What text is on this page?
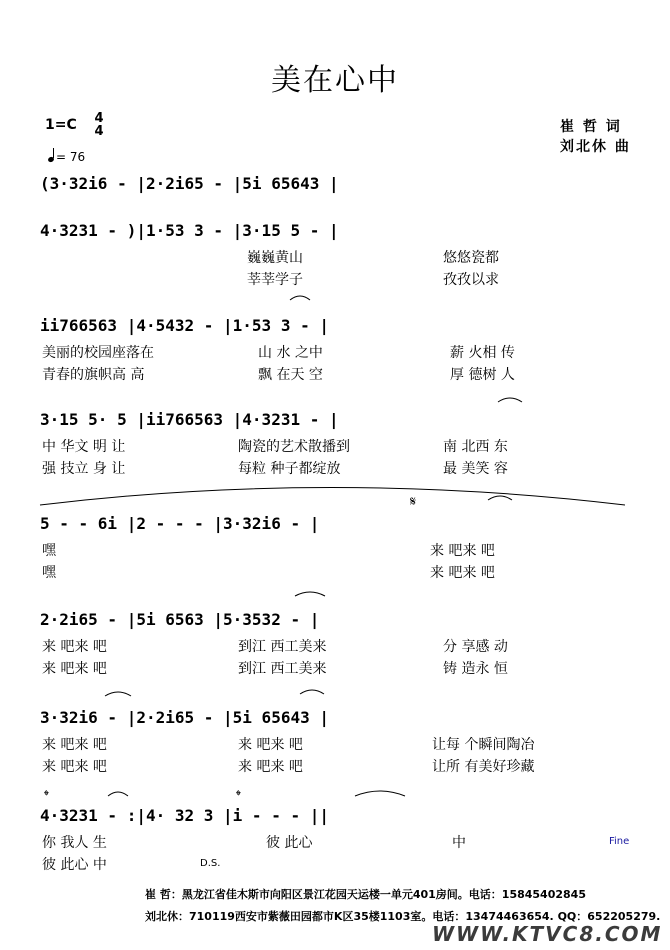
美在心中
1=C 4
4
= 76
崔 哲 词
刘北休 曲
(3·32i6 - |2·2i65 - |5i 65643 |
4·3231 - )|1·53 3 - |3·15 5 - |
巍巍黄山	悠悠瓷都
莘莘学子	孜孜以求
ii766563 |4·5432 - |1·53 3 - |
美丽的校园座落在	山 水 之中	薪 火相 传
青春的旗帜高 高	飘 在天 空	厚 德树 人
3·15 5· 5 |ii766563 |4·3231 - |
中 华文 明 让	陶瓷的艺术散播到	南 北西 东
强 技立 身 让	每粒 种子都绽放	最 美笑 容
𝄋
5 - - 6i |2 - - - |3·32i6 - |
嘿	来 吧来 吧
嘿	来 吧来 吧
2·2i65 - |5i 6563 |5·3532 - |
来 吧来 吧	到江 西工美来	分 享感 动
来 吧来 吧	到江 西工美来	铸 造永 恒
3·32i6 - |2·2i65 - |5i 65643 |
来 吧来 吧	来 吧来 吧	让每 个瞬间陶冶
来 吧来 吧	来 吧来 吧	让所 有美好珍藏
𝄌	𝄌
4·3231 - :|4· 32 3 |i - - - ||
你 我人 生	彼 此心	中
彼 此心 中
Fine
D.S.
崔 哲：黑龙江省佳木斯市向阳区景江花园天运楼一单元401房间。电话：15845402845
刘北休：710119西安市紫薇田园都市K区35楼1103室。电话：13474463654. QQ：652205279.
WWW.KTVC8.COM
